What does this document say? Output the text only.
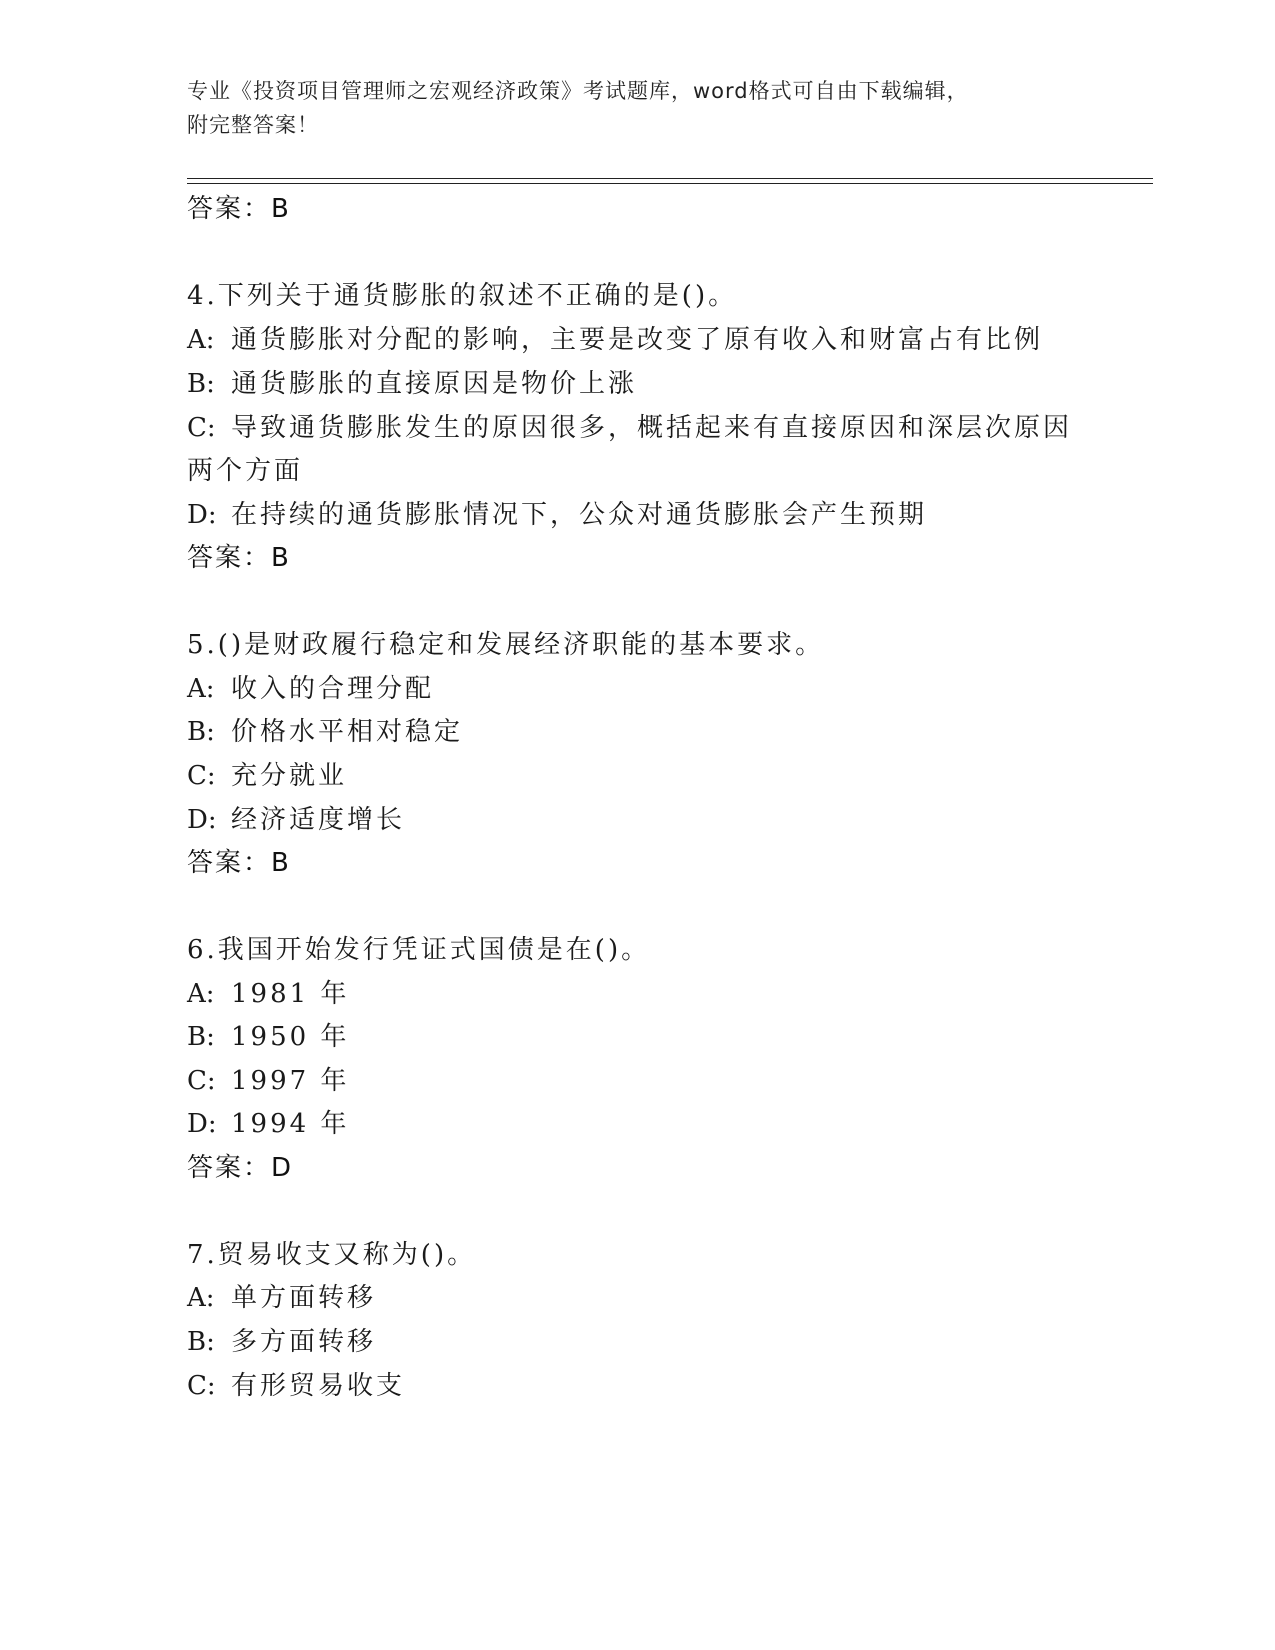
专业《投资项目管理师之宏观经济政策》考试题库，word格式可自由下载编辑，
附完整答案！
答案：B
4.下列关于通货膨胀的叙述不正确的是()。
A: 通货膨胀对分配的影响，主要是改变了原有收入和财富占有比例
B: 通货膨胀的直接原因是物价上涨
C: 导致通货膨胀发生的原因很多，概括起来有直接原因和深层次原因
两个方面
D: 在持续的通货膨胀情况下，公众对通货膨胀会产生预期
答案：B
5.()是财政履行稳定和发展经济职能的基本要求。
A: 收入的合理分配
B: 价格水平相对稳定
C: 充分就业
D: 经济适度增长
答案：B
6.我国开始发行凭证式国债是在()。
A: 1981 年
B: 1950 年
C: 1997 年
D: 1994 年
答案：D
7.贸易收支又称为()。
A: 单方面转移
B: 多方面转移
C: 有形贸易收支
